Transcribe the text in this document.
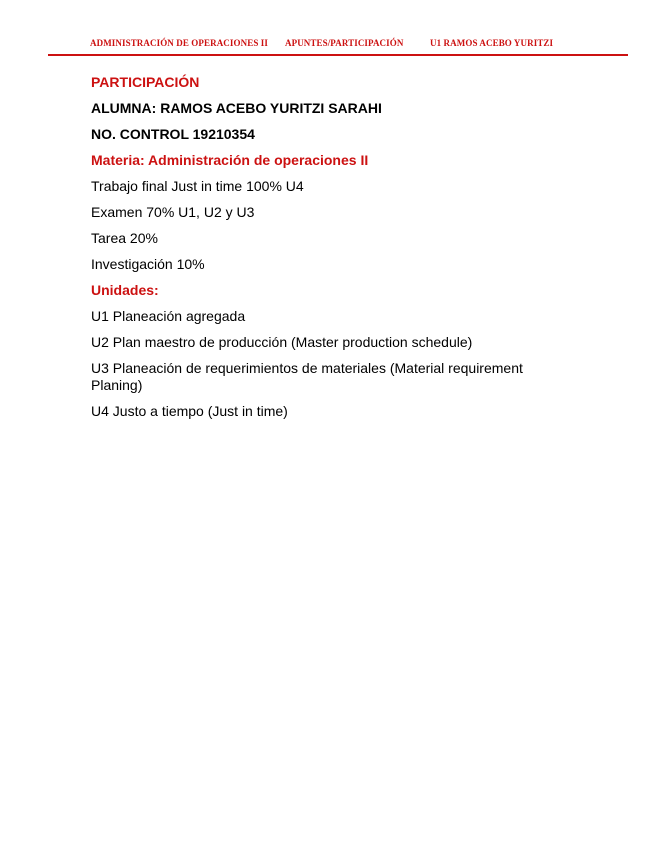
ADMINISTRACIÓN DE OPERACIONES II APUNTES/PARTICIPACIÓN	U1 RAMOS ACEBO YURITZI

PARTICIPACIÓN

ALUMNA: RAMOS ACEBO YURITZI SARAHI

NO. CONTROL 19210354

Materia: Administración de operaciones II

Trabajo final Just in time 100% U4

Examen 70% U1, U2 y U3

Tarea 20%

Investigación 10%

Unidades:

U1 Planeación agregada

U2 Plan maestro de producción (Master production schedule)

U3 Planeación de requerimientos de materiales (Material requirement Planing)

U4 Justo a tiempo (Just in time)
